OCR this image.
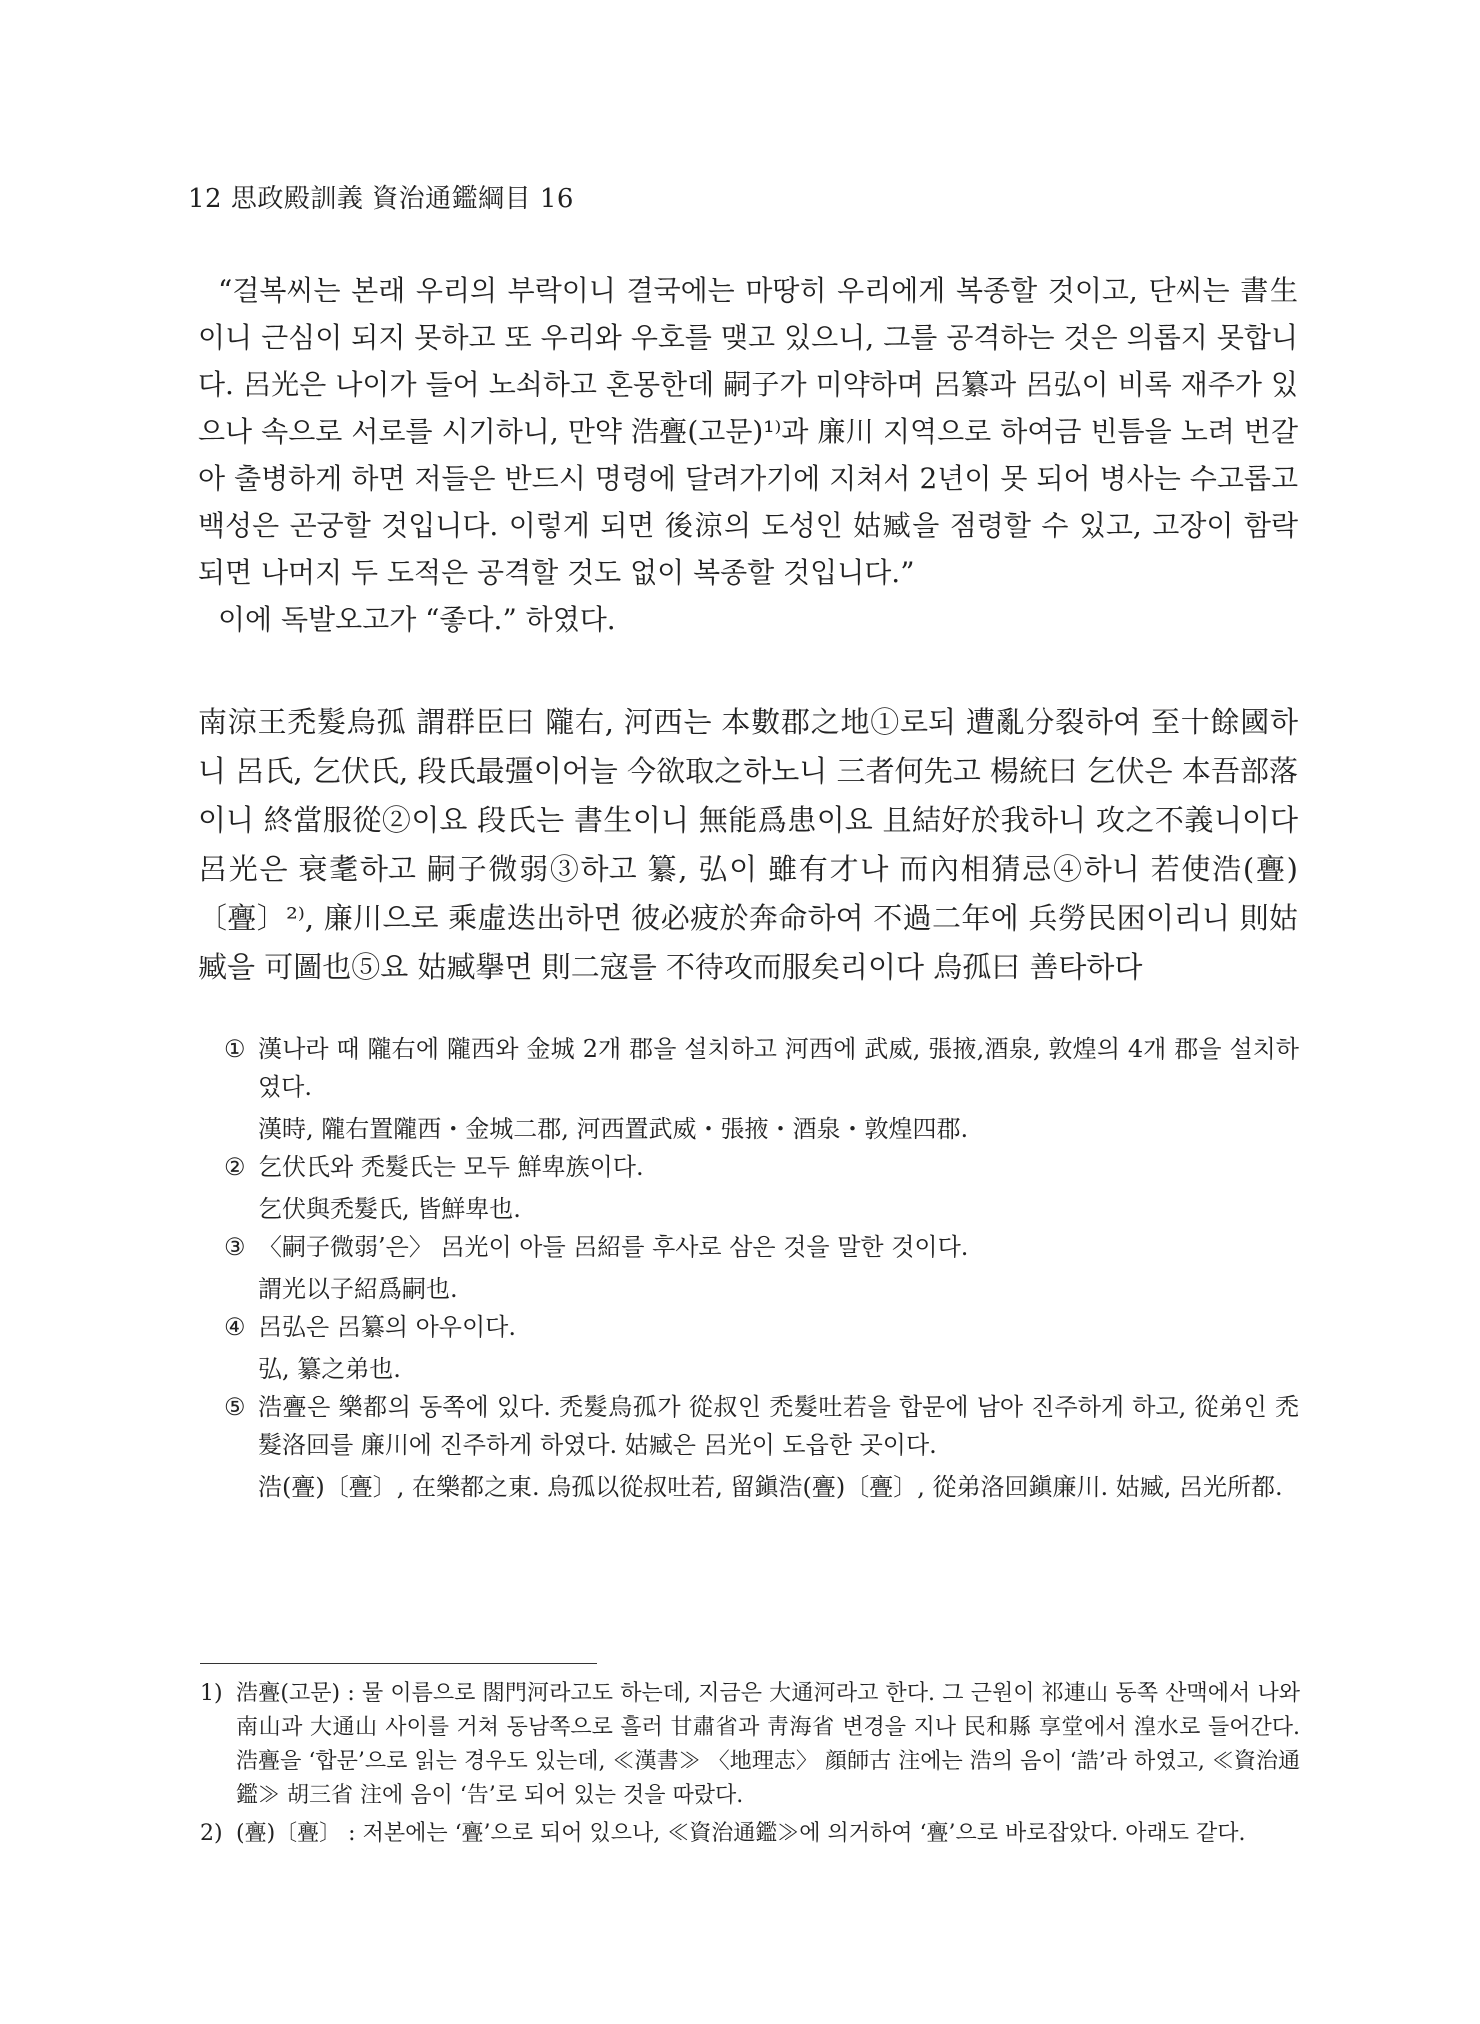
12 思政殿訓義 資治通鑑綱目 16

“걸복씨는 본래 우리의 부락이니 결국에는 마땅히 우리에게 복종할 것이고, 단씨는 書生이니 근심이 되지 못하고 또 우리와 우호를 맺고 있으니, 그를 공격하는 것은 의롭지 못합니다. 呂光은 나이가 들어 노쇠하고 혼몽한데 嗣子가 미약하며 呂纂과 呂弘이 비록 재주가 있으나 속으로 서로를 시기하니, 만약 浩亹(고문)¹⁾과 廉川 지역으로 하여금 빈틈을 노려 번갈아 출병하게 하면 저들은 반드시 명령에 달려가기에 지쳐서 2년이 못 되어 병사는 수고롭고 백성은 곤궁할 것입니다. 이렇게 되면 後涼의 도성인 姑臧을 점령할 수 있고, 고장이 함락되면 나머지 두 도적은 공격할 것도 없이 복종할 것입니다.”

이에 독발오고가 “좋다.” 하였다.

南涼王禿髮烏孤 謂群臣曰 隴右, 河西는 本數郡之地①로되 遭亂分裂하여 至十餘國하니 呂氏, 乞伏氏, 段氏最彊이어늘 今欲取之하노니 三者何先고 楊統曰 乞伏은 本吾部落이니 終當服從②이요 段氏는 書生이니 無能爲患이요 且結好於我하니 攻之不義니이다 呂光은 衰耄하고 嗣子微弱③하고 纂, 弘이 雖有才나 而內相猜忌④하니 若使浩(亹)〔亹〕²⁾, 廉川으로 乘虛迭出하면 彼必疲於奔命하여 不過二年에 兵勞民困이리니 則姑臧을 可圖也⑤요 姑臧擧면 則二寇를 不待攻而服矣리이다 烏孤曰 善타하다

① 漢나라 때 隴右에 隴西와 金城 2개 郡을 설치하고 河西에 武威, 張掖,酒泉, 敦煌의 4개 郡을 설치하였다.
漢時, 隴右置隴西・金城二郡, 河西置武威・張掖・酒泉・敦煌四郡.
② 乞伏氏와 禿髮氏는 모두 鮮卑族이다.
乞伏與禿髮氏, 皆鮮卑也.
③ 〈嗣子微弱’은〉 呂光이 아들 呂紹를 후사로 삼은 것을 말한 것이다.
謂光以子紹爲嗣也.
④ 呂弘은 呂纂의 아우이다.
弘, 纂之弟也.
⑤ 浩亹은 樂都의 동쪽에 있다. 禿髮烏孤가 從叔인 禿髮吐若을 합문에 남아 진주하게 하고, 從弟인 禿髮洛回를 廉川에 진주하게 하였다. 姑臧은 呂光이 도읍한 곳이다.
浩(亹)〔亹〕, 在樂都之東. 烏孤以從叔吐若, 留鎭浩(亹)〔亹〕, 從弟洛回鎭廉川. 姑臧, 呂光所都.
1) 浩亹(고문) : 물 이름으로 閤門河라고도 하는데, 지금은 大通河라고 한다. 그 근원이 祁連山 동쪽 산맥에서 나와 南山과 大通山 사이를 거쳐 동남쪽으로 흘러 甘肅省과 靑海省 변경을 지나 民和縣 享堂에서 湟水로 들어간다. 浩亹을 ‘합문’으로 읽는 경우도 있는데, ≪漢書≫ 〈地理志〉 顔師古 注에는 浩의 음이 ‘誥’라 하였고, ≪資治通鑑≫ 胡三省 注에 음이 ‘告’로 되어 있는 것을 따랐다.
2) (亹)〔亹〕 : 저본에는 ‘亹’으로 되어 있으나, ≪資治通鑑≫에 의거하여 ‘亹’으로 바로잡았다. 아래도 같다.
